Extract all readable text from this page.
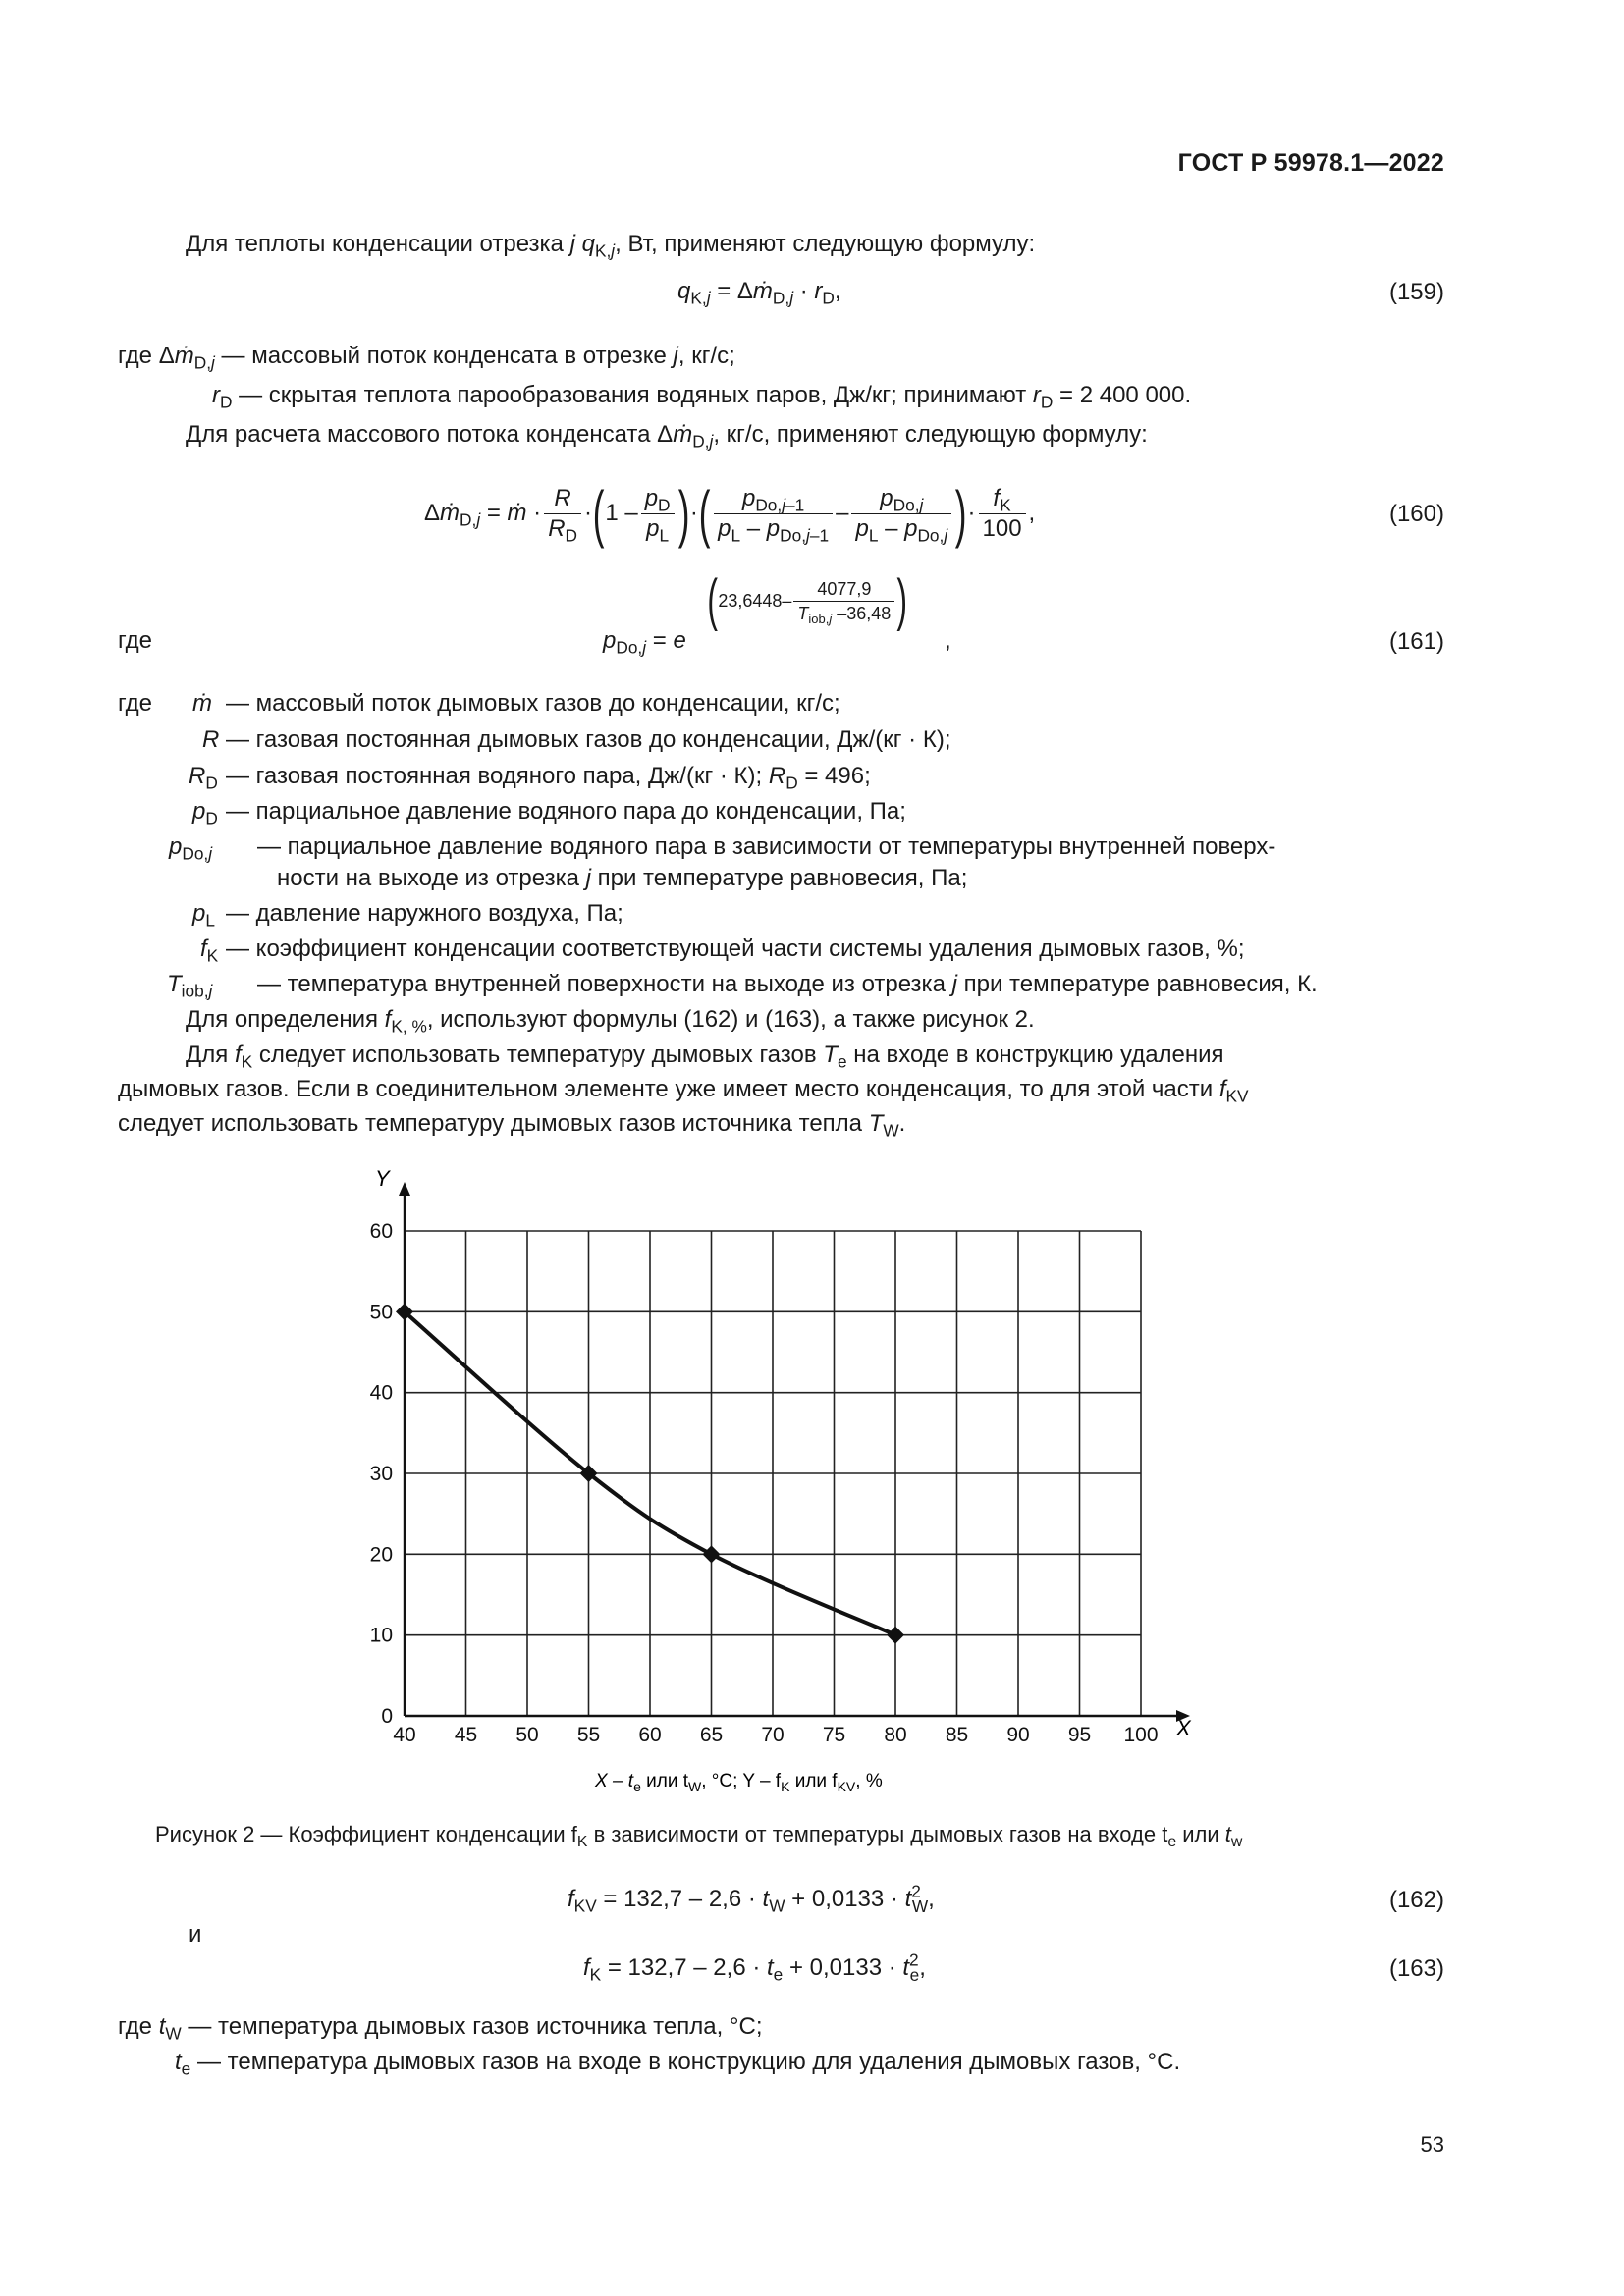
ГОСТ Р 59978.1—2022
Для теплоты конденсации отрезка j $q_{K,j}$, Вт, применяют следующую формулу:
$q_{K,j}$ = Δṁ$_{D,j}$ · $r_D$,	(159)
где Δṁ$_{D,j}$ — массовый поток конденсата в отрезке j, кг/с;
$r_D$ — скрытая теплота парообразования водяных паров, Дж/кг; принимают $r_D = 2$ 400 000.
Для расчета массового потока конденсата Δṁ$_{D,j}$, кг/с, применяют следующую формулу:
Δṁ$_{D,j}$ = ṁ · $\frac{R}{R_D}$ · ( $1 - \frac{p_D}{p_L}$ ) · ( $\frac{p_{Do,j-1}}{p_L - p_{Do,j-1}} - \frac{p_{Do,j}}{p_L - p_{Do,j}}$ ) · $\frac{f_K}{100}$ ,	(160)
где	$p_{Do,j} = e$
( $23,6448 - \frac{4077,9}{T_{iob,j} -36,48}$ )
,	(161)
где ṁ — массовый поток дымовых газов до конденсации, кг/с;
R — газовая постоянная дымовых газов до конденсации, Дж/(кг · К);
$R_D$ — газовая постоянная водяного пара, Дж/(кг · К); $R_D = 496$;
$p_D$ — парциальное давление водяного пара до конденсации, Па;
$p_{Do,j}$ — парциальное давление водяного пара в зависимости от температуры внутренней поверх-
ности на выходе из отрезка j при температуре равновесия, Па;
$p_L$ — давление наружного воздуха, Па;
$f_K$ — коэффициент конденсации соответствующей части системы удаления дымовых газов, %;
$T_{iob,j}$ — температура внутренней поверхности на выходе из отрезка j при температуре равновесия, К.
Для определения $f_{K, \%}$, используют формулы (162) и (163), а также рисунок 2.
Для $f_K$ следует использовать температуру дымовых газов $T_e$ на входе в конструкцию удаления
дымовых газов. Если в соединительном элементе уже имеет место конденсация, то для этой части $f_{KV}$
следует использовать температуру дымовых газов источника тепла $T_W$.
40 45 50 55 60 65 70 75 80 85 90 95 100
0
10
20
30
40
50
60
X
Y
X – $t_e$ или $t_W$, °C; Y – $f_K$ или $f_{KV}$, %
Рисунок 2 — Коэффициент конденсации $f_K$ в зависимости от температуры дымовых газов на входе $t_e$ или $t_w$
$f_{KV} = 132,7 - 2,6 \cdot t_W + 0,0133 \cdot t^2_W$,	(162)
и
$f_K = 132,7 - 2,6 \cdot t_e + 0,0133 \cdot t^2_e$,	(163)
где $t_W$ — температура дымовых газов источника тепла, °C;
$t_e$ — температура дымовых газов на входе в конструкцию для удаления дымовых газов, °C.
53
